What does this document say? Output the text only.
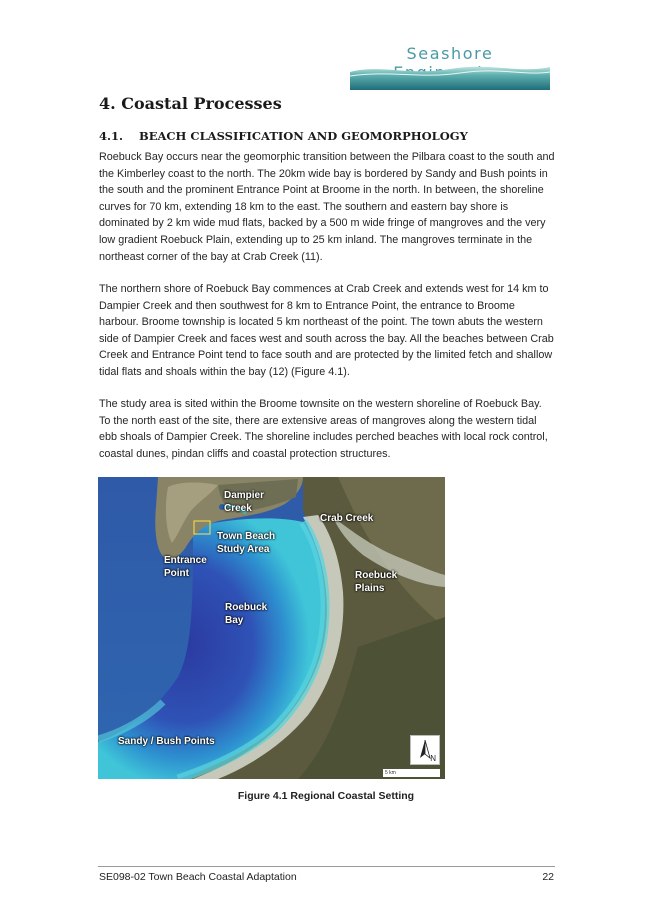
Seashore
4. Coastal Processes
4.1. BEACH CLASSIFICATION AND GEOMORPHOLOGY

Roebuck Bay occurs near the geomorphic transition between the Pilbara coast to the south and the Kimberley coast to the north. The 20km wide bay is bordered by Sandy and Bush points in the south and the prominent Entrance Point at Broome in the north. In between, the shoreline curves for 70 km, extending 18 km to the east. The southern and eastern bay shore is dominated by 2 km wide mud flats, backed by a 500 m wide fringe of mangroves and the very low gradient Roebuck Plain, extending up to 25 km inland. The mangroves terminate in the northeast corner of the bay at Crab Creek (11).

The northern shore of Roebuck Bay commences at Crab Creek and extends west for 14 km to Dampier Creek and then southwest for 8 km to Entrance Point, the entrance to Broome harbour. Broome township is located 5 km northeast of the point. The town abuts the western side of Dampier Creek and faces west and south across the bay. All the beaches between Crab Creek and Entrance Point tend to face south and are protected by the limited fetch and shallow tidal flats and shoals within the bay (12) (Figure 4.1).

The study area is sited within the Broome townsite on the western shoreline of Roebuck Bay. To the north east of the site, there are extensive areas of mangroves along the western tidal ebb shoals of Dampier Creek. The shoreline includes perched beaches with local rock control, coastal dunes, pindan cliffs and coastal protection structures.

Dampier
Creek
Crab Creek
Town Beach
Study Area
Entrance
Point	Roebuck
Plains
Roebuck
Bay
Sandy / Bush Points
N
5 km

Figure 4.1 Regional Coastal Setting

SE098-02 Town Beach Coastal Adaptation	22
